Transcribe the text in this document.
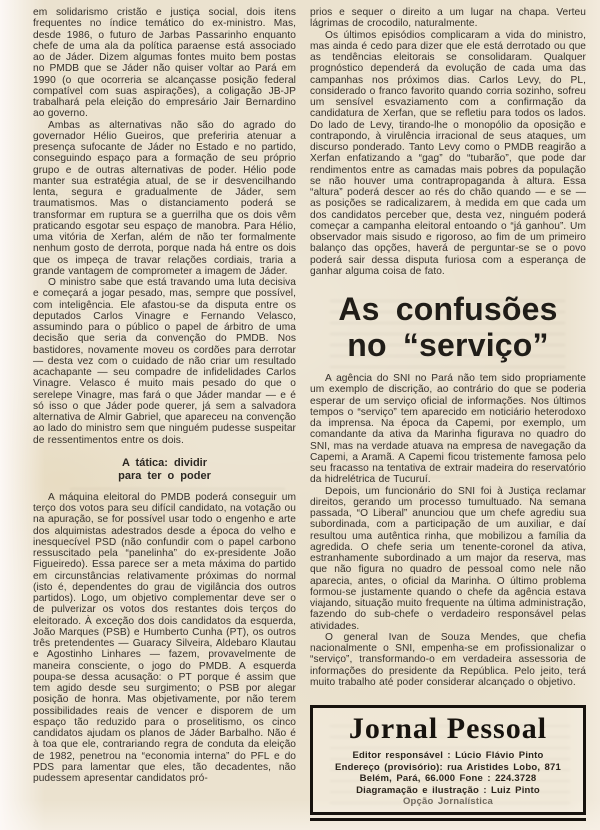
em solidarismo cristão e justiça social, dois itens frequentes no índice temático do ex-ministro. Mas, desde 1986, o futuro de Jarbas Passarinho enquanto chefe de uma ala da política paraense está associado ao de Jáder. Dizem algumas fontes muito bem postas no PMDB que se Jáder não quiser voltar ao Pará em 1990 (o que ocorreria se alcançasse posição federal compatível com suas aspirações), a coligação JB-JP trabalhará pela eleição do empresário Jair Bernardino ao governo.

Ambas as alternativas não são do agrado do governador Hélio Gueiros, que preferiria atenuar a presença sufocante de Jáder no Estado e no partido, conseguindo espaço para a formação de seu próprio grupo e de outras alternativas de poder. Hélio pode manter sua estratégia atual, de se ir desvencilhando lenta, segura e gradualmente de Jáder, sem traumatismos. Mas o distanciamento poderá se transformar em ruptura se a guerrilha que os dois vêm praticando esgotar seu espaço de manobra. Para Hélio, uma vitória de Xerfan, além de não ter formalmente nenhum gosto de derrota, porque nada há entre os dois que os impeça de travar relações cordiais, traria a grande vantagem de comprometer a imagem de Jáder.

O ministro sabe que está travando uma luta decisiva e começará a jogar pesado, mas, sempre que possível, com inteligência. Ele afastou-se da disputa entre os deputados Carlos Vinagre e Fernando Velasco, assumindo para o público o papel de árbitro de uma decisão que seria da convenção do PMDB. Nos bastidores, novamente moveu os cordões para derrotar — desta vez com o cuidado de não criar um resultado acachapante — seu compadre de infidelidades Carlos Vinagre. Velasco é muito mais pesado do que o serelepe Vinagre, mas fará o que Jáder mandar — e é só isso o que Jáder pode querer, já sem a salvadora alternativa de Almir Gabriel, que apareceu na convenção ao lado do ministro sem que ninguém pudesse suspeitar de ressentimentos entre os dois.

A tática: dividir
para ter o poder

A máquina eleitoral do PMDB poderá conseguir um terço dos votos para seu difícil candidato, na votação ou na apuração, se for possível usar todo o engenho e arte dos alquimistas adestrados desde a época do velho e inesquecível PSD (não confundir com o papel carbono ressuscitado pela “panelinha” do ex-presidente João Figueiredo). Essa parece ser a meta máxima do partido em circunstâncias relativamente próximas do normal (isto é, dependentes do grau de vigilância dos outros partidos). Logo, um objetivo complementar deve ser o de pulverizar os votos dos restantes dois terços do eleitorado. À exceção dos dois candidatos da esquerda, João Marques (PSB) e Humberto Cunha (PT), os outros três pretendentes — Guaracy Silveira, Aldebaro Klautau e Agostinho Linhares — fazem, provavelmente de maneira consciente, o jogo do PMDB. A esquerda poupa-se dessa acusação: o PT porque é assim que tem agido desde seu surgimento; o PSB por alegar posição de honra. Mas objetivamente, por não terem possibilidades reais de vencer e disporem de um espaço tão reduzido para o proselitismo, os cinco candidatos ajudam os planos de Jáder Barbalho. Não é à toa que ele, contrariando regra de conduta da eleição de 1982, penetrou na “economia interna” do PFL e do PDS para lamentar que eles, tão decadentes, não pudessem apresentar candidatos pró-

prios e sequer o direito a um lugar na chapa. Verteu lágrimas de crocodilo, naturalmente.

Os últimos episódios complicaram a vida do ministro, mas ainda é cedo para dizer que ele está derrotado ou que as tendências eleitorais se consolidaram. Qualquer prognóstico dependerá da evolução de cada uma das campanhas nos próximos dias. Carlos Levy, do PL, considerado o franco favorito quando corria sozinho, sofreu um sensível esvaziamento com a confirmação da candidatura de Xerfan, que se refletiu para todos os lados. Do lado de Levy, tirando-lhe o monopólio da oposição e contrapondo, à virulência irracional de seus ataques, um discurso ponderado. Tanto Levy como o PMDB reagirão a Xerfan enfatizando a “gag” do “tubarão”, que pode dar rendimentos entre as camadas mais pobres da população se não houver uma contrapropaganda à altura. Essa “altura” poderá descer ao rés do chão quando — e se — as posições se radicalizarem, à medida em que cada um dos candidatos perceber que, desta vez, ninguém poderá começar a campanha eleitoral entoando o “já ganhou”. Um observador mais sisudo e rigoroso, ao fim de um primeiro balanço das opções, haverá de perguntar-se se o povo poderá sair dessa disputa furiosa com a esperança de ganhar alguma coisa de fato.

As confusões
no “serviço”

A agência do SNI no Pará não tem sido propriamente um exemplo de discrição, ao contrário do que se poderia esperar de um serviço oficial de informações. Nos últimos tempos o “serviço” tem aparecido em noticiário heterodoxo da imprensa. Na época da Capemi, por exemplo, um comandante da ativa da Marinha figurava no quadro do SNI, mas na verdade atuava na empresa de navegação da Capemi, a Aramã. A Capemi ficou tristemente famosa pelo seu fracasso na tentativa de extrair madeira do reservatório da hidrelétrica de Tucuruí.

Depois, um funcionário do SNI foi à Justiça reclamar direitos, gerando um processo tumultuado. Na semana passada, “O Liberal” anunciou que um chefe agrediu sua subordinada, com a participação de um auxiliar, e daí resultou uma autêntica rinha, que mobilizou a família da agredida. O chefe seria um tenente-coronel da ativa, estranhamente subordinado a um major da reserva, mas que não figura no quadro de pessoal como nele não aparecia, antes, o oficial da Marinha. O último problema formou-se justamente quando o chefe da agência estava viajando, situação muito frequente na última administração, fazendo do sub-chefe o verdadeiro responsável pelas atividades.

O general Ivan de Souza Mendes, que chefia nacionalmente o SNI, empenha-se em profissionalizar o “serviço”, transformando-o em verdadeira assessoria de informações do presidente da República. Pelo jeito, terá muito trabalho até poder considerar alcançado o objetivo.

Jornal Pessoal
Editor responsável : Lúcio Flávio Pinto
Endereço (provisório): rua Aristides Lobo, 871
Belém, Pará, 66.000 Fone : 224.3728
Diagramação e ilustração : Luiz Pinto
Opção Jornalística
